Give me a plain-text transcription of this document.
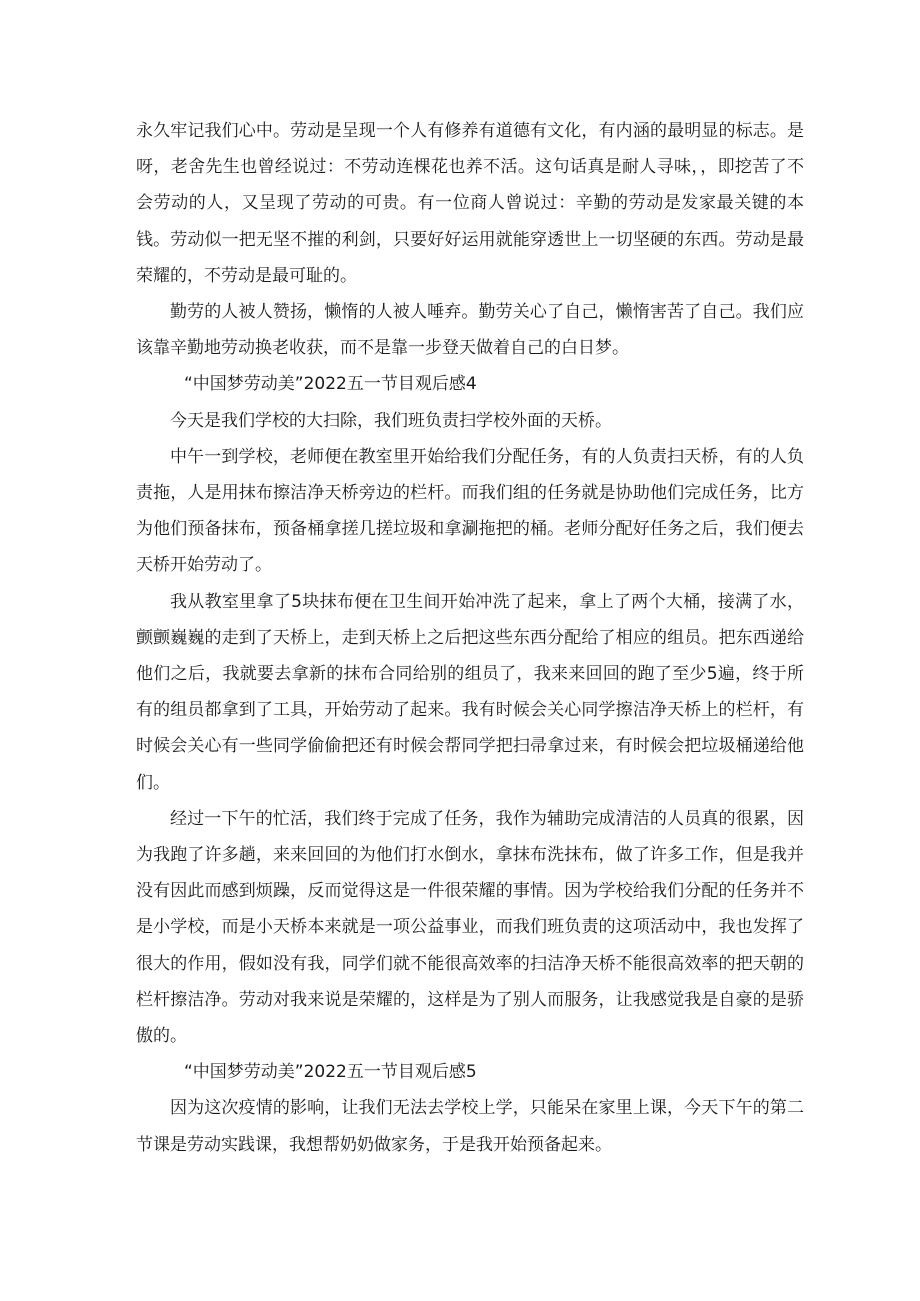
永久牢记我们心中。劳动是呈现一个人有修养有道德有文化，有内涵的最明显的标志。是呀，老舍先生也曾经说过：不劳动连棵花也养不活。这句话真是耐人寻味，，即挖苦了不会劳动的人，又呈现了劳动的可贵。有一位商人曾说过：辛勤的劳动是发家最关键的本钱。劳动似一把无坚不摧的利剑，只要好好运用就能穿透世上一切坚硬的东西。劳动是最荣耀的，不劳动是最可耻的。

勤劳的人被人赞扬，懒惰的人被人唾弃。勤劳关心了自己，懒惰害苦了自己。我们应该靠辛勤地劳动换老收获，而不是靠一步登天做着自己的白日梦。

“中国梦劳动美”2022五一节目观后感4

今天是我们学校的大扫除，我们班负责扫学校外面的天桥。

中午一到学校，老师便在教室里开始给我们分配任务，有的人负责扫天桥，有的人负责拖，人是用抹布擦洁净天桥旁边的栏杆。而我们组的任务就是协助他们完成任务，比方为他们预备抹布，预备桶拿搓几搓垃圾和拿涮拖把的桶。老师分配好任务之后，我们便去天桥开始劳动了。

我从教室里拿了5块抹布便在卫生间开始冲洗了起来，拿上了两个大桶，接满了水，颤颤巍巍的走到了天桥上，走到天桥上之后把这些东西分配给了相应的组员。把东西递给他们之后，我就要去拿新的抹布合同给别的组员了，我来来回回的跑了至少5遍，终于所有的组员都拿到了工具，开始劳动了起来。我有时候会关心同学擦洁净天桥上的栏杆，有时候会关心有一些同学偷偷把还有时候会帮同学把扫帚拿过来，有时候会把垃圾桶递给他们。

经过一下午的忙活，我们终于完成了任务，我作为辅助完成清洁的人员真的很累，因为我跑了许多趟，来来回回的为他们打水倒水，拿抹布洗抹布，做了许多工作，但是我并没有因此而感到烦躁，反而觉得这是一件很荣耀的事情。因为学校给我们分配的任务并不是小学校，而是小天桥本来就是一项公益事业，而我们班负责的这项活动中，我也发挥了很大的作用，假如没有我，同学们就不能很高效率的扫洁净天桥不能很高效率的把天朝的栏杆擦洁净。劳动对我来说是荣耀的，这样是为了别人而服务，让我感觉我是自豪的是骄傲的。

“中国梦劳动美”2022五一节目观后感5

因为这次疫情的影响，让我们无法去学校上学，只能呆在家里上课，今天下午的第二节课是劳动实践课，我想帮奶奶做家务，于是我开始预备起来。
